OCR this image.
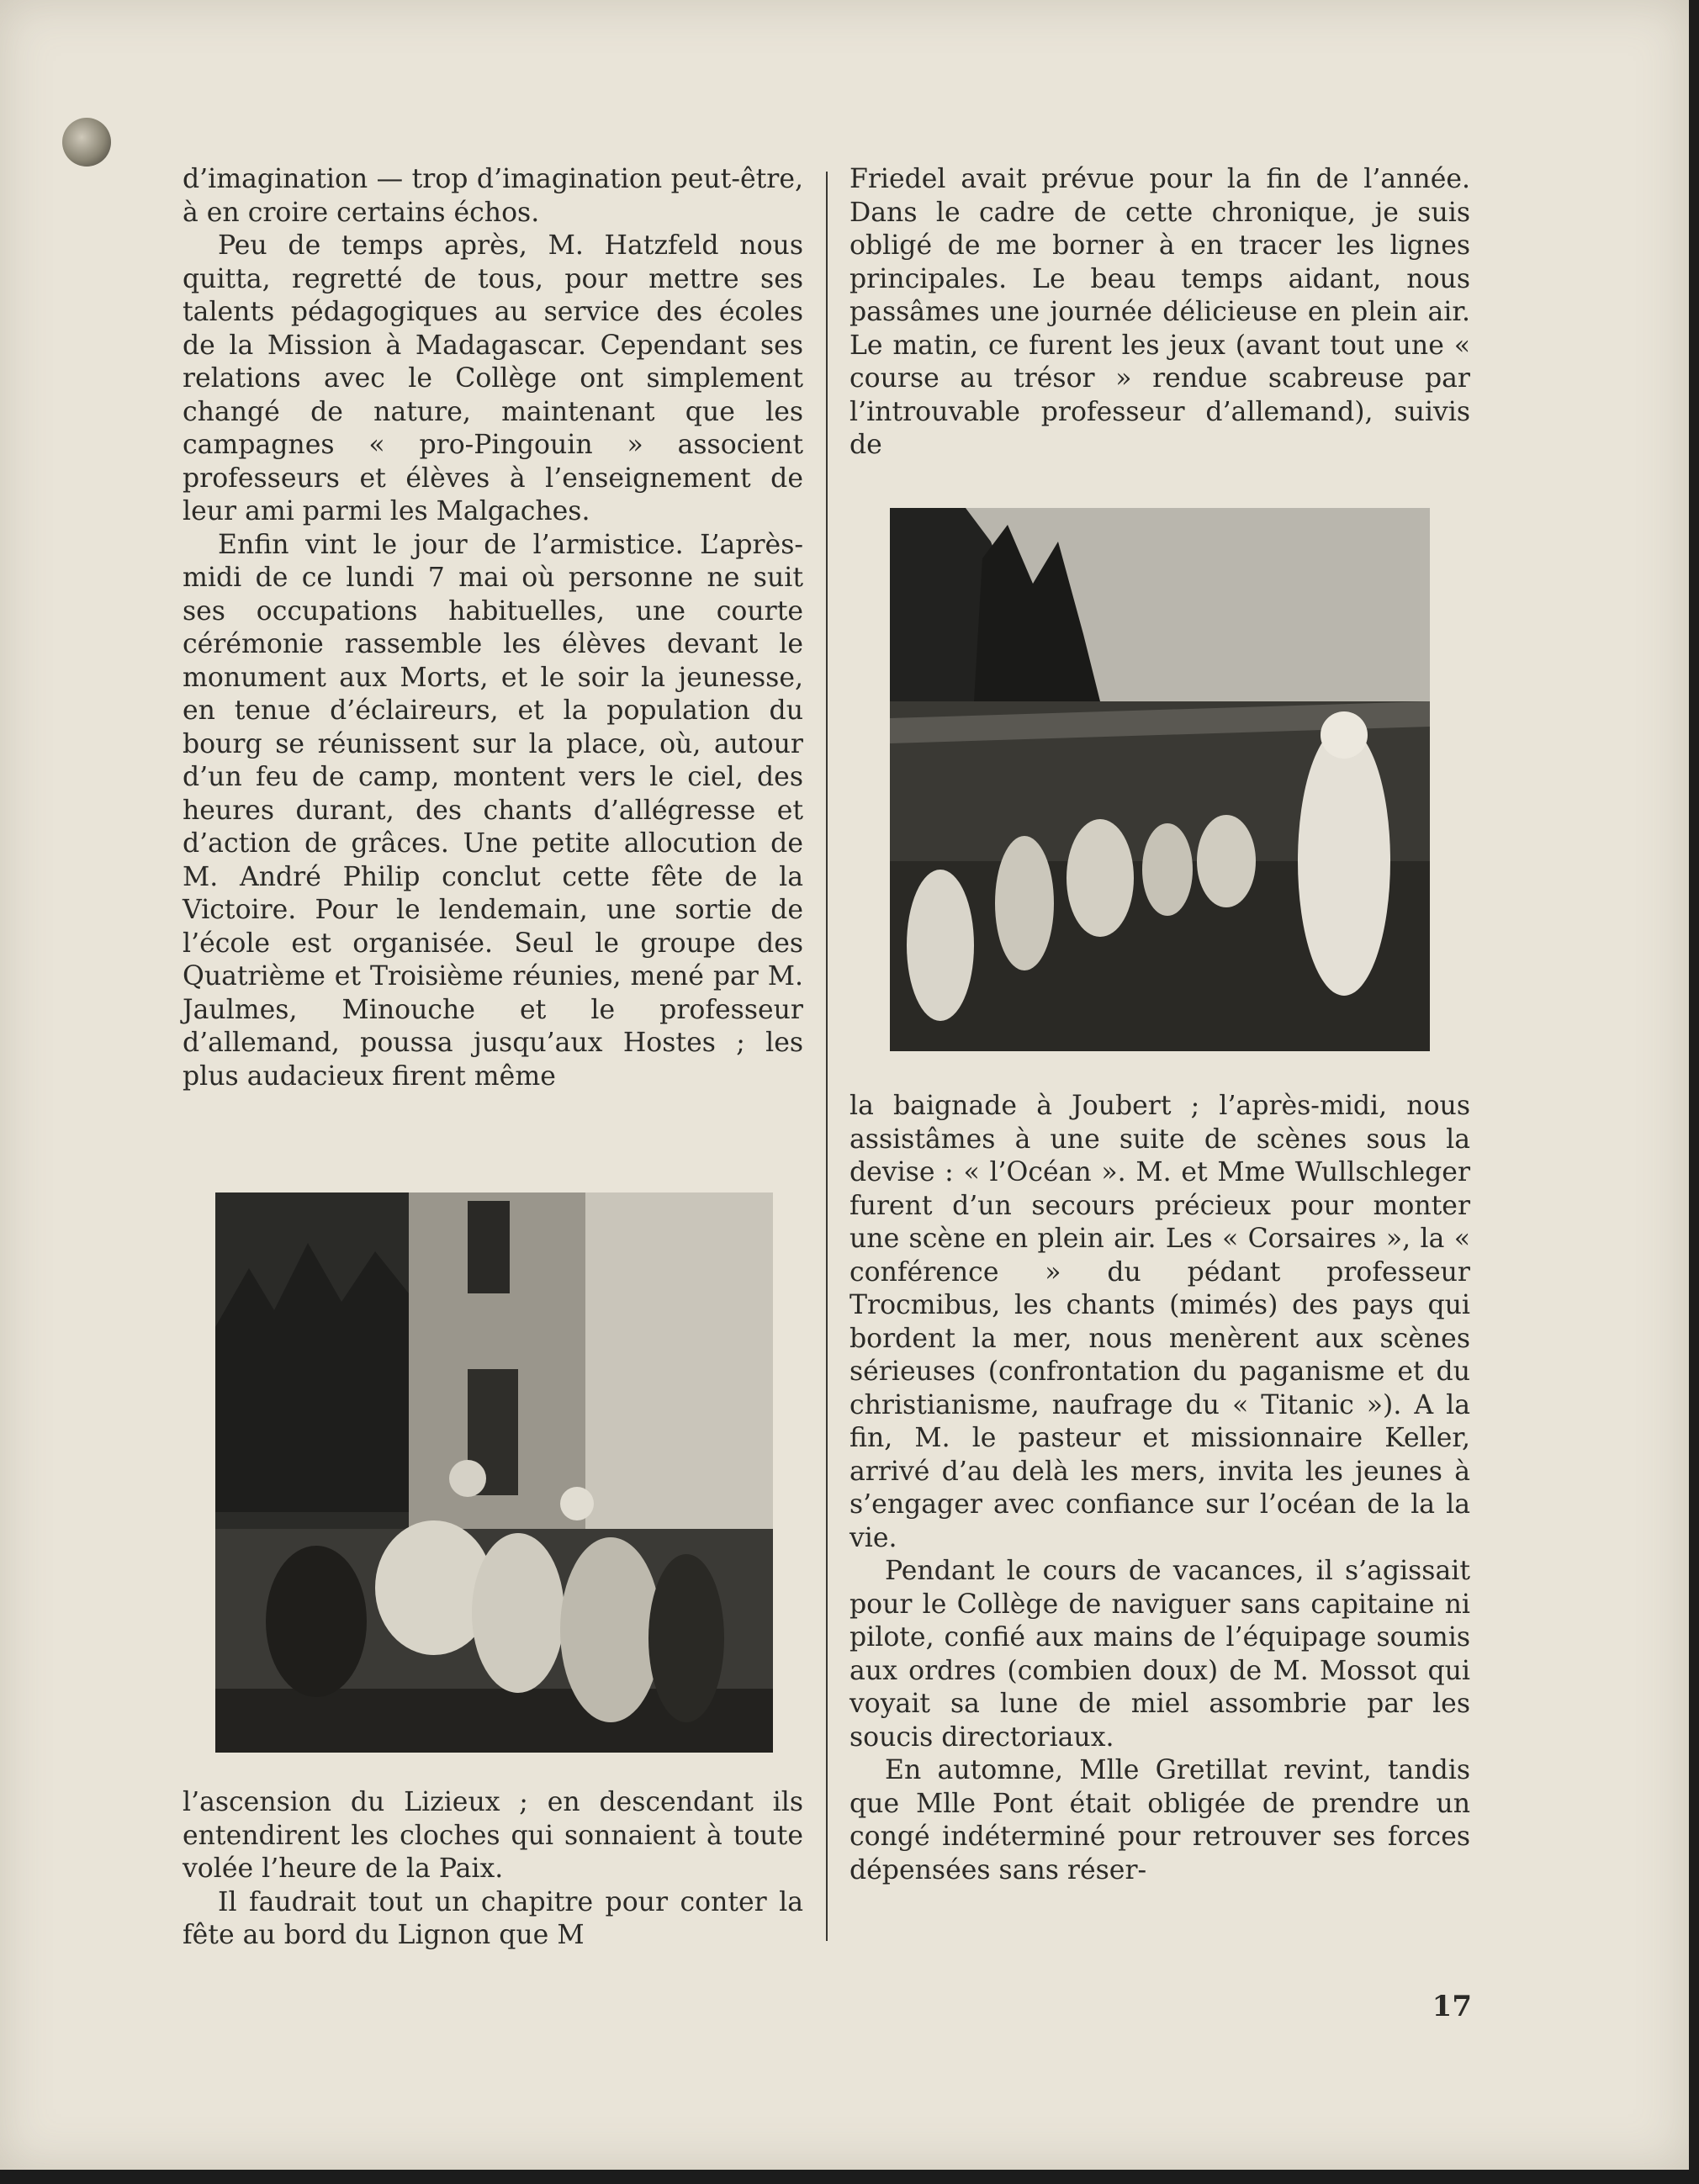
d’imagination — trop d’imagination peut-être, à en croire certains échos.

Peu de temps après, M. Hatzfeld nous quitta, regretté de tous, pour mettre ses talents pédagogiques au service des écoles de la Mission à Madagascar. Cependant ses relations avec le Collège ont simplement changé de nature, maintenant que les campagnes « pro-Pingouin » associent professeurs et élèves à l’enseignement de leur ami parmi les Malgaches.

Enfin vint le jour de l’armistice. L’après-midi de ce lundi 7 mai où personne ne suit ses occupations habituelles, une courte cérémonie rassemble les élèves devant le monument aux Morts, et le soir la jeunesse, en tenue d’éclaireurs, et la population du bourg se réunissent sur la place, où, autour d’un feu de camp, montent vers le ciel, des heures durant, des chants d’allégresse et d’action de grâces. Une petite allocution de M. André Philip conclut cette fête de la Victoire. Pour le lendemain, une sortie de l’école est organisée. Seul le groupe des Quatrième et Troisième réunies, mené par M. Jaulmes, Minouche et le professeur d’allemand, poussa jusqu’aux Hostes ; les plus audacieux firent même

l’ascension du Lizieux ; en descendant ils entendirent les cloches qui sonnaient à toute volée l’heure de la Paix.

Il faudrait tout un chapitre pour conter la fête au bord du Lignon que M

Friedel avait prévue pour la fin de l’année. Dans le cadre de cette chronique, je suis obligé de me borner à en tracer les lignes principales. Le beau temps aidant, nous passâmes une journée délicieuse en plein air. Le matin, ce furent les jeux (avant tout une « course au trésor » rendue scabreuse par l’introuvable professeur d’allemand), suivis de

la baignade à Joubert ; l’après-midi, nous assistâmes à une suite de scènes sous la devise : « l’Océan ». M. et Mme Wullschleger furent d’un secours précieux pour monter une scène en plein air. Les « Corsaires », la « conférence » du pédant professeur Trocmibus, les chants (mimés) des pays qui bordent la mer, nous menèrent aux scènes sérieuses (confrontation du paganisme et du christianisme, naufrage du « Titanic »). A la fin, M. le pasteur et missionnaire Keller, arrivé d’au delà les mers, invita les jeunes à s’engager avec confiance sur l’océan de la la vie.

Pendant le cours de vacances, il s’agissait pour le Collège de naviguer sans capitaine ni pilote, confié aux mains de l’équipage soumis aux ordres (combien doux) de M. Mossot qui voyait sa lune de miel assombrie par les soucis directoriaux.

En automne, Mlle Gretillat revint, tandis que Mlle Pont était obligée de prendre un congé indéterminé pour retrouver ses forces dépensées sans réser-

17
